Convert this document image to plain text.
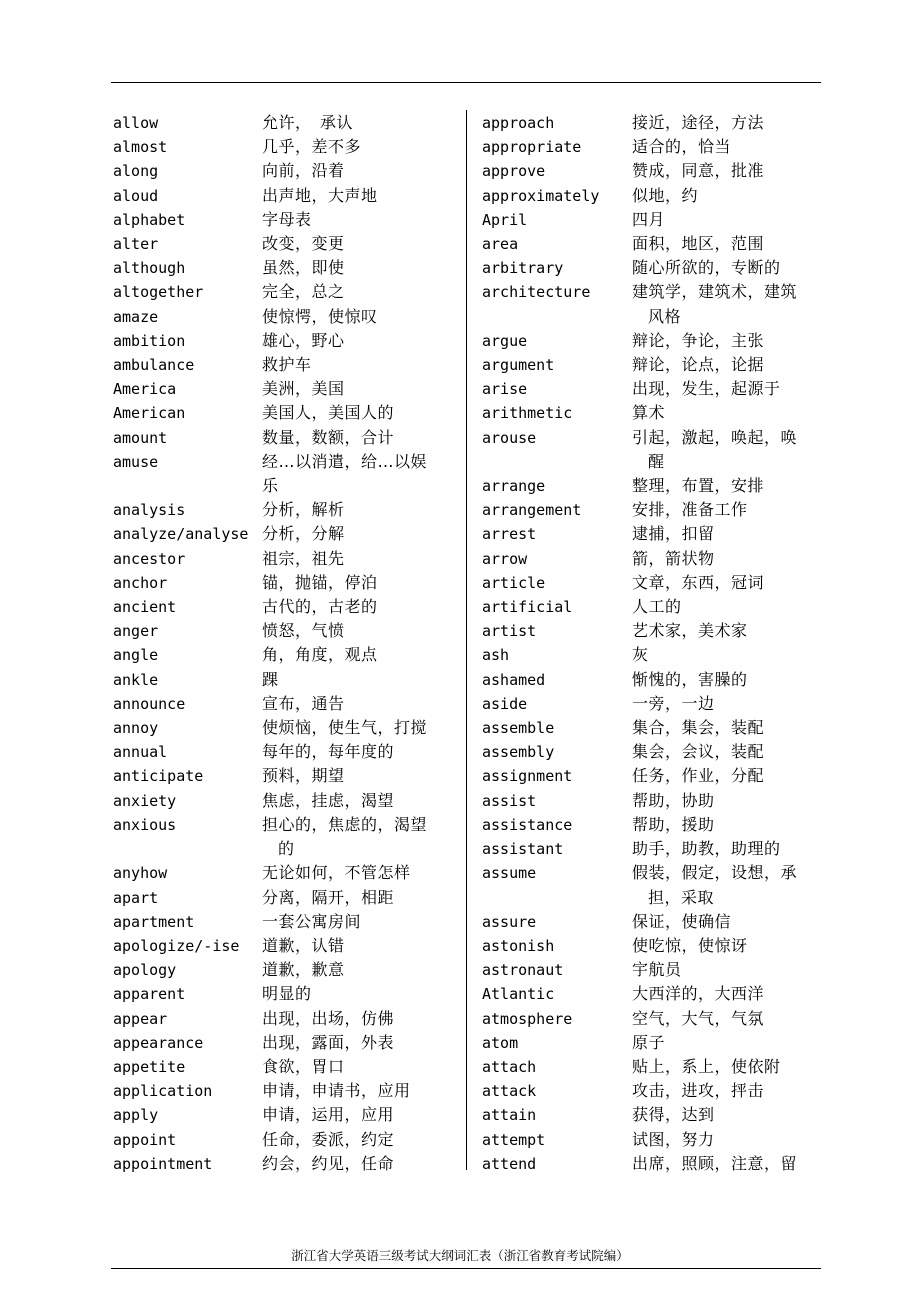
allow	允许，　承认
almost	几乎，差不多
along	向前，沿着
aloud	出声地，大声地
alphabet	字母表
alter	改变，变更
although	虽然，即使
altogether	完全，总之
amaze	使惊愕，使惊叹
ambition	雄心，野心
ambulance	救护车
America	美洲，美国
American	美国人，美国人的
amount	数量，数额，合计
amuse	经…以消遣，给…以娱
乐
analysis	分析，解析
analyze/analyse 分析，分解
ancestor	祖宗，祖先
anchor	锚，抛锚，停泊
ancient	古代的，古老的
anger	愤怒，气愤
angle	角，角度，观点
ankle	踝
announce	宣布，通告
annoy	使烦恼，使生气，打搅
annual	每年的，每年度的
anticipate	预料，期望
anxiety	焦虑，挂虑，渴望
anxious	担心的，焦虑的，渴望
的
anyhow	无论如何，不管怎样
apart	分离，隔开，相距
apartment	一套公寓房间
apologize/-ise	道歉，认错
apology	道歉，歉意
apparent	明显的
appear	出现，出场，仿佛
appearance	出现，露面，外表
appetite	食欲，胃口
application	申请，申请书，应用
apply	申请，运用，应用
appoint	任命，委派，约定
appointment	约会，约见，任命
approach	接近，途径，方法
appropriate	适合的，恰当
approve	赞成，同意，批准
approximately	似地，约
April	四月
area	面积，地区，范围
arbitrary	随心所欲的，专断的
architecture	建筑学，建筑术，建筑
风格
argue	辩论，争论，主张
argument	辩论，论点，论据
arise	出现，发生，起源于
arithmetic	算术
arouse	引起，激起，唤起，唤
醒
arrange	整理，布置，安排
arrangement	安排，准备工作
arrest	逮捕，扣留
arrow	箭，箭状物
article	文章，东西，冠词
artificial	人工的
artist	艺术家，美术家
ash	灰
ashamed	惭愧的，害臊的
aside	一旁，一边
assemble	集合，集会，装配
assembly	集会，会议，装配
assignment	任务，作业，分配
assist	帮助，协助
assistance	帮助，援助
assistant	助手，助教，助理的
assume	假装，假定，设想，承
担，采取
assure	保证，使确信
astonish	使吃惊，使惊讶
astronaut	宇航员
Atlantic	大西洋的，大西洋
atmosphere	空气，大气，气氛
atom	原子
attach	贴上，系上，使依附
attack	攻击，进攻，抨击
attain	获得，达到
attempt	试图，努力
attend	出席，照顾，注意，留
浙江省大学英语三级考试大纲词汇表（浙江省教育考试院编）
